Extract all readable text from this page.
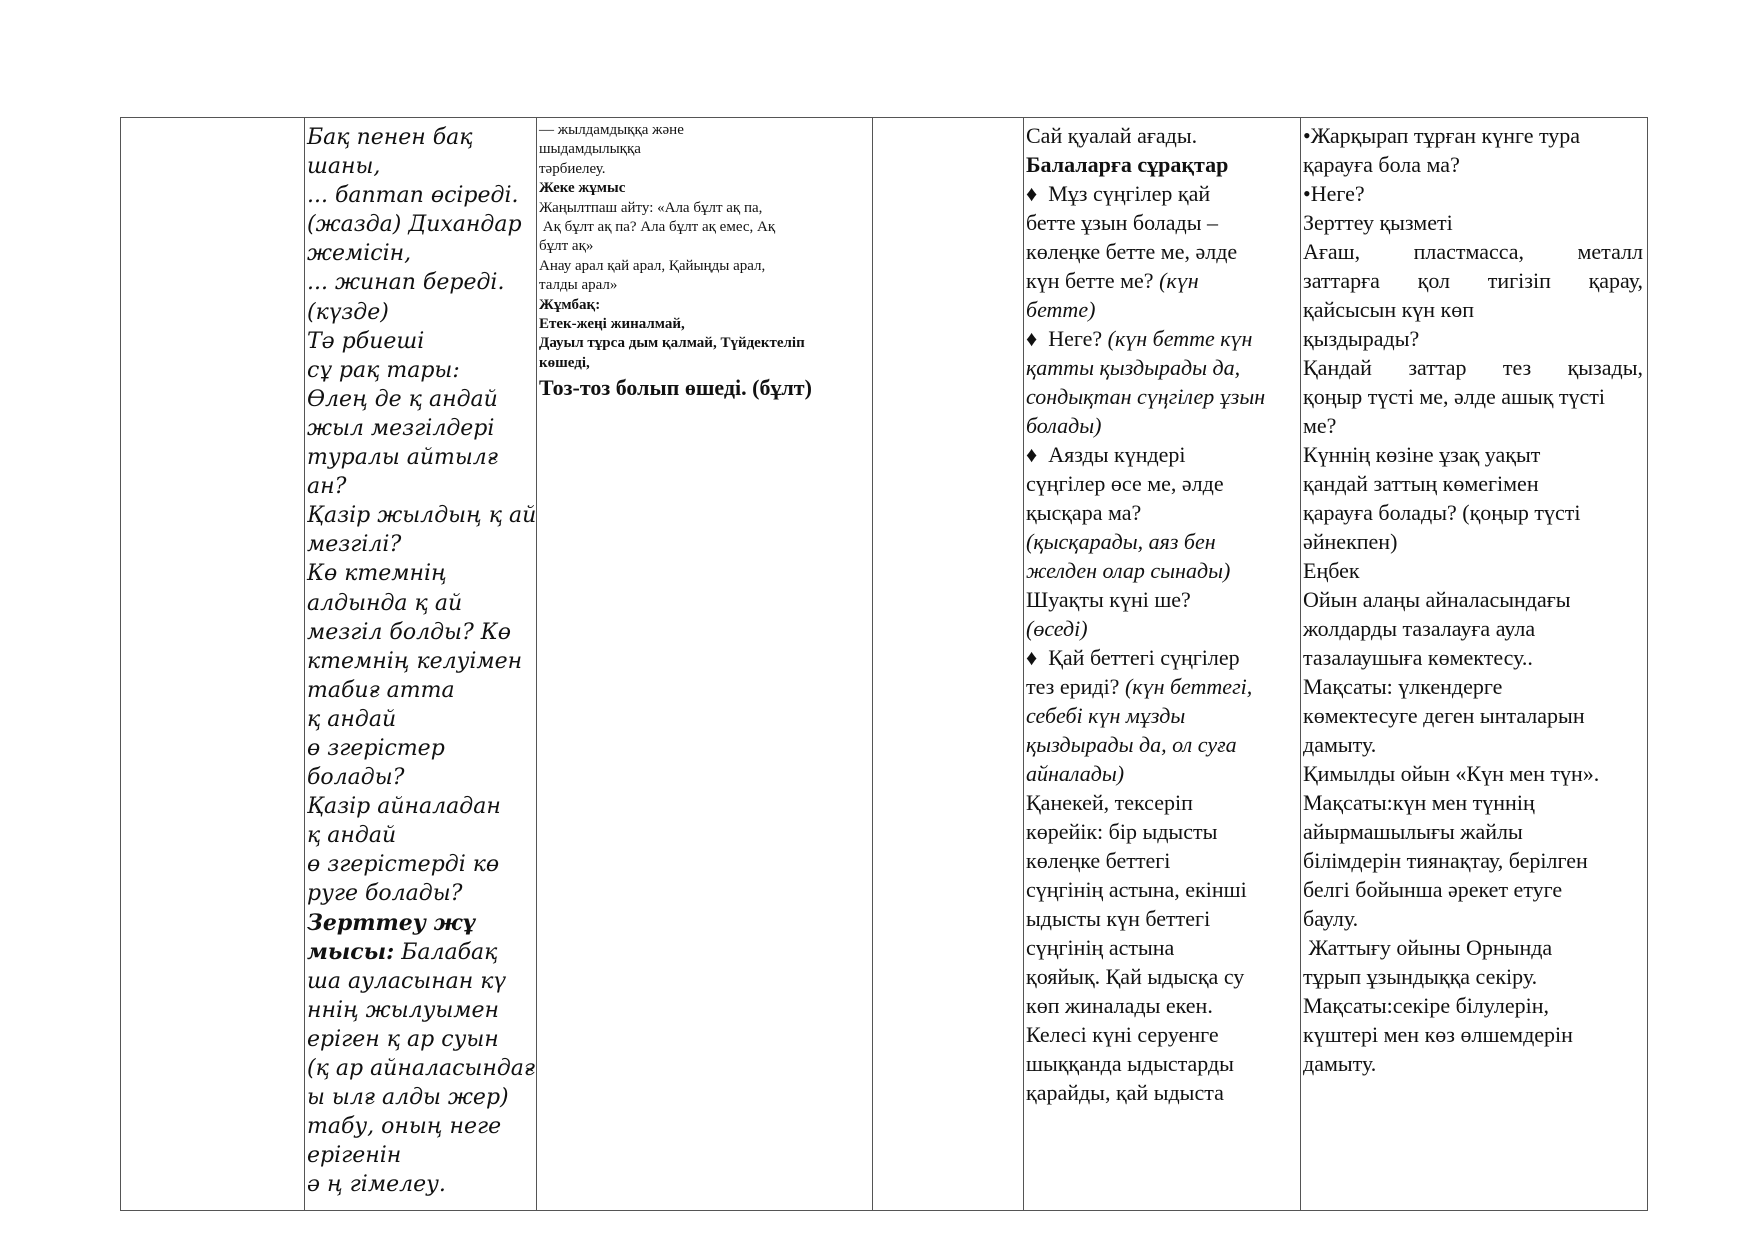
Бақ пенен бақ
шаны,
... баптап өсіреді.
(жазда) Дихандар
жемісін,
... жинап береді.
(күзде)
Тә рбиеші
сұ рақ тары:
Өлең де қ андай
жыл мезгілдері
туралы айтылғ
ан?
Қазір жылдың қ ай
мезгілі?
Кө ктемнің
алдында қ ай
мезгіл болды? Кө
ктемнің келуімен
табиғ атта
қ андай
ө згерістер
болады?
Қазір айналадан
қ андай
ө згерістерді кө
руге болады?
Зерттеу жұ
мысы: Балабақ
ша ауласынан кү
ннің жылуымен
еріген қ ар суын
(қ ар айналасындағ
ы ылғ алды жер)
табу, оның неге
ерігенін
ә ң гімелеу.
— жылдамдыққа және
шыдамдылыққа
тәрбиелеу.
Жеке жұмыс
Жаңылтпаш айту: «Ала бұлт ақ па,
Ақ бұлт ақ па? Ала бұлт ақ емес, Ақ
бұлт ақ»
Анау арал қай арал, Қайыңды арал,
талды арал»
Жұмбақ:
Етек-жеңі жиналмай,
Дауыл тұрса дым қалмай, Түйдектеліп
көшеді,
Тоз-тоз болып өшеді. (бұлт)
Сай қуалай ағады.
Балаларға сұрақтар
♦  Мұз сүңгілер қай
бетте ұзын болады –
көлеңке бетте ме, әлде
күн бетте ме? (күн
бетте)
♦  Неге? (күн бетте күн
қатты қыздырады да,
сондықтан сүңгілер ұзын
болады)
♦  Аязды күндері
сүңгілер өсе ме, әлде
қысқара ма?
(қысқарады, аяз бен
желден олар сынады)
Шуақты күні ше?
(өседі)
♦  Қай беттегі сүңгілер
тез ериді? (күн беттегі,
себебі күн мұзды
қыздырады да, ол суға
айналады)
Қанекей, тексеріп
көрейік: бір ыдысты
көлеңке беттегі
сүңгінің астына, екінші
ыдысты күн беттегі
сүңгінің астына
қояйық. Қай ыдысқа су
көп жиналады екен.
Келесі күні серуенге
шыққанда ыдыстарды
қарайды, қай ыдыста
•Жарқырап тұрған күнге тура
қарауға бола ма?
•Неге?
Зерттеу қызметі
Ағаш, пластмасса, металл
заттарға қол тигізіп қарау,
қайсысын күн көп
қыздырады?
Қандай заттар тез қызады,
қоңыр түсті ме, әлде ашық түсті
ме?
Күннің көзіне ұзақ уақыт
қандай заттың көмегімен
қарауға болады? (қоңыр түсті
әйнекпен)
Еңбек
Ойын алаңы айналасындағы
жолдарды тазалауға аула
тазалаушыға көмектесу..
Мақсаты: үлкендерге
көмектесуге деген ынталарын
дамыту.
Қимылды ойын «Күн мен түн».
Мақсаты:күн мен түннің
айырмашылығы жайлы
білімдерін тиянақтау, берілген
белгі бойынша әрекет етуге
баулу.
Жаттығу ойыны Орнында
тұрып ұзындыққа секіру.
Мақсаты:секіре білулерін,
күштері мен көз өлшемдерін
дамыту.
